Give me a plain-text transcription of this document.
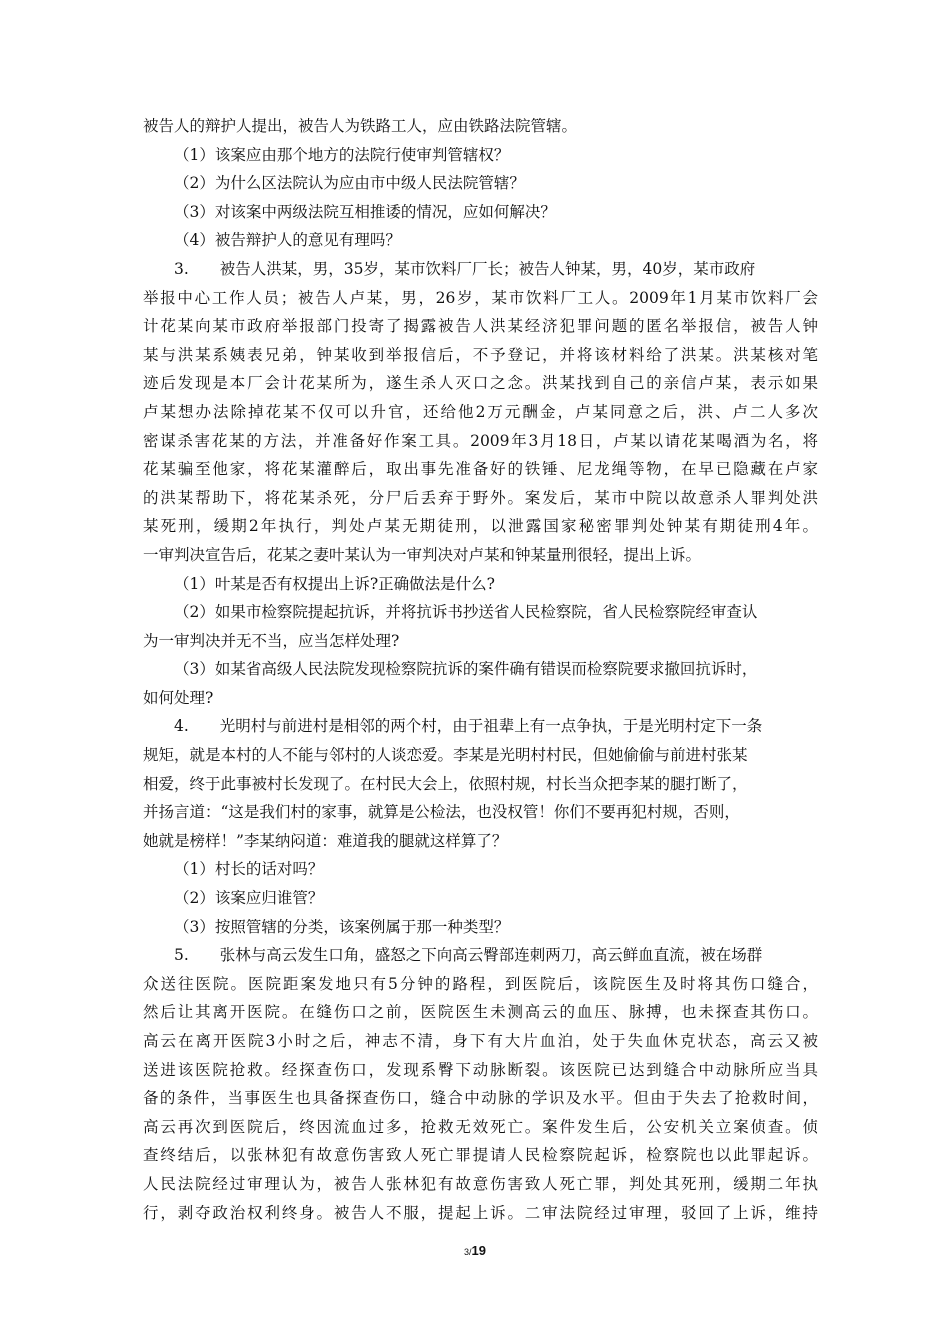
被告人的辩护人提出，被告人为铁路工人，应由铁路法院管辖。
（1）该案应由那个地方的法院行使审判管辖权？
（2）为什么区法院认为应由市中级人民法院管辖？
（3）对该案中两级法院互相推诿的情况，应如何解决？
（4）被告辩护人的意见有理吗？
3.　　被告人洪某，男，35岁，某市饮料厂厂长；被告人钟某，男，40岁，某市政府
举报中心工作人员；被告人卢某，男，26岁，某市饮料厂工人。2009年1月某市饮料厂会
计花某向某市政府举报部门投寄了揭露被告人洪某经济犯罪问题的匿名举报信，被告人钟
某与洪某系姨表兄弟，钟某收到举报信后，不予登记，并将该材料给了洪某。洪某核对笔
迹后发现是本厂会计花某所为，遂生杀人灭口之念。洪某找到自己的亲信卢某，表示如果
卢某想办法除掉花某不仅可以升官，还给他2万元酬金，卢某同意之后，洪、卢二人多次
密谋杀害花某的方法，并准备好作案工具。2009年3月18日，卢某以请花某喝酒为名，将
花某骗至他家，将花某灌醉后，取出事先准备好的铁锤、尼龙绳等物，在早已隐藏在卢家
的洪某帮助下，将花某杀死，分尸后丢弃于野外。案发后，某市中院以故意杀人罪判处洪
某死刑，缓期2年执行，判处卢某无期徒刑，以泄露国家秘密罪判处钟某有期徒刑4年。
一审判决宣告后，花某之妻叶某认为一审判决对卢某和钟某量刑很轻，提出上诉。
（1）叶某是否有权提出上诉?正确做法是什么?
（2）如果市检察院提起抗诉，并将抗诉书抄送省人民检察院，省人民检察院经审查认
为一审判决并无不当，应当怎样处理?
（3）如某省高级人民法院发现检察院抗诉的案件确有错误而检察院要求撤回抗诉时，
如何处理?
4.　　光明村与前进村是相邻的两个村，由于祖辈上有一点争执，于是光明村定下一条
规矩，就是本村的人不能与邻村的人谈恋爱。李某是光明村村民，但她偷偷与前进村张某
相爱，终于此事被村长发现了。在村民大会上，依照村规，村长当众把李某的腿打断了，
并扬言道：“这是我们村的家事，就算是公检法，也没权管！你们不要再犯村规，否则，
她就是榜样！”李某纳闷道：难道我的腿就这样算了？
（1）村长的话对吗？
（2）该案应归谁管？
（3）按照管辖的分类，该案例属于那一种类型？
5.　　张林与高云发生口角，盛怒之下向高云臀部连刺两刀，高云鲜血直流，被在场群
众送往医院。医院距案发地只有5分钟的路程，到医院后，该院医生及时将其伤口缝合，
然后让其离开医院。在缝伤口之前，医院医生未测高云的血压、脉搏，也未探查其伤口。
高云在离开医院3小时之后，神志不清，身下有大片血泊，处于失血休克状态，高云又被
送进该医院抢救。经探查伤口，发现系臀下动脉断裂。该医院已达到缝合中动脉所应当具
备的条件，当事医生也具备探查伤口，缝合中动脉的学识及水平。但由于失去了抢救时间，
高云再次到医院后，终因流血过多，抢救无效死亡。案件发生后，公安机关立案侦查。侦
查终结后，以张林犯有故意伤害致人死亡罪提请人民检察院起诉，检察院也以此罪起诉。
人民法院经过审理认为，被告人张林犯有故意伤害致人死亡罪，判处其死刑，缓期二年执
行，剥夺政治权利终身。被告人不服，提起上诉。二审法院经过审理，驳回了上诉，维持
3/19
